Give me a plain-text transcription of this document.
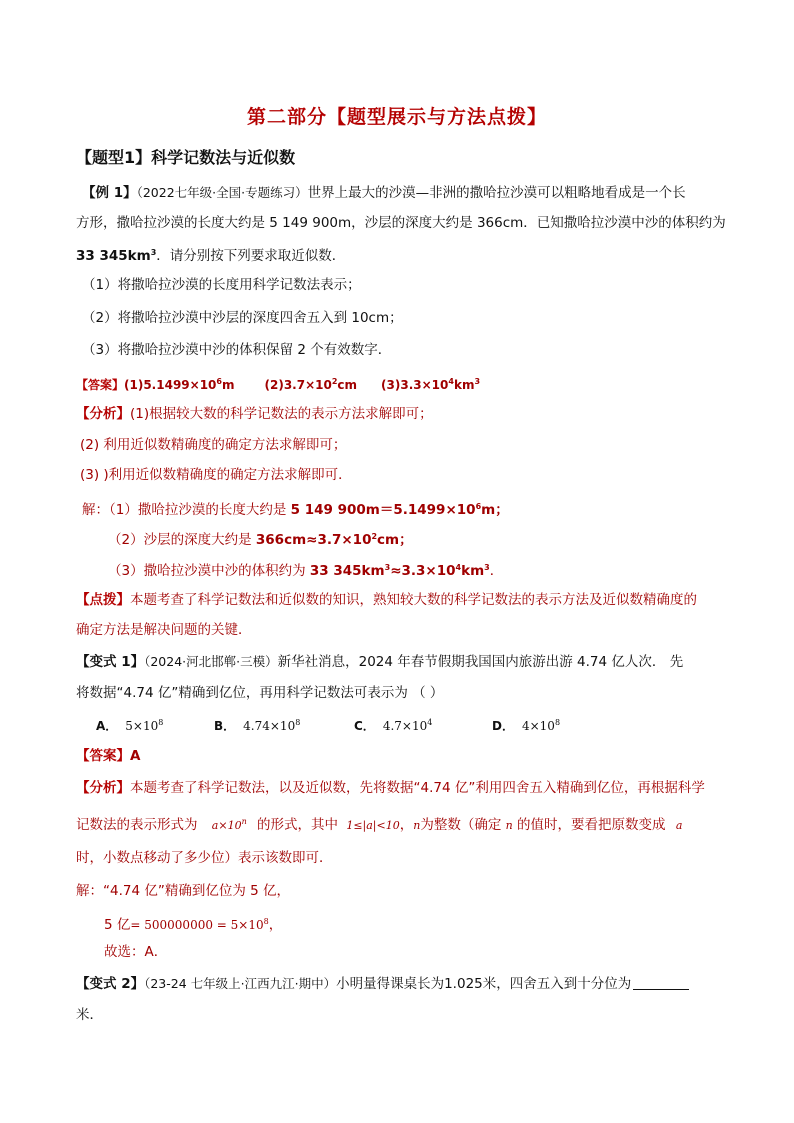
第二部分【题型展示与方法点拨】
【题型1】科学记数法与近似数
【例 1】（2022七年级·全国·专题练习）世界上最大的沙漠—非洲的撒哈拉沙漠可以粗略地看成是一个长
方形，撒哈拉沙漠的长度大约是 5 149 900m，沙层的深度大约是 366cm．已知撒哈拉沙漠中沙的体积约为
33 $345km^3$．请分别按下列要求取近似数．
（1）将撒哈拉沙漠的长度用科学记数法表示；
（2）将撒哈拉沙漠中沙层的深度四舍五入到 10cm；
（3）将撒哈拉沙漠中沙的体积保留 2 个有效数字．
【答案】$(1)5.1499\times 10^6m$	$(2)3.7\times 10^2cm$ $(3)3.3\times 10^4km^3$
【分析】(1)根据较大数的科学记数法的表示方法求解即可；
(2) 利用近似数精确度的确定方法求解即可；
(3) )利用近似数精确度的确定方法求解即可．
解：（1）撒哈拉沙漠的长度大约是 5 149 $900m=5.1499\times 10^6m$；
（2）沙层的深度大约是 $366cm\approx 3.7\times 10^2cm$；
（3）撒哈拉沙漠中沙的体积约为 33 $345km^3\approx 3.3\times 10^4km^3$．
【点拨】本题考查了科学记数法和近似数的知识，熟知较大数的科学记数法的表示方法及近似数精确度的
确定方法是解决问题的关键．
【变式 1】（2024·河北邯郸·三模）新华社消息，2024 年春节假期我国国内旅游出游 4.74 亿人次． 先
将数据“4.74 亿”精确到亿位，再用科学记数法可表示为 （ ）
A． $5\times 10^8$	B． $4.74\times 10^8$	C． $4.7\times 10^4$	D． $4\times 10^8$
【答案】A
【分析】本题考查了科学记数法，以及近似数，先将数据“4.74 亿”利用四舍五入精确到亿位，再根据科学
记数法的表示形式为 $a\times 10^n$ 的形式，其中 1≤|a|<10，n为整数（确定 n 的值时，要看把原数变成 a
时，小数点移动了多少位）表示该数即可．
解：“4.74 亿”精确到亿位为 5 亿，
5 亿= $500000000 = 5\times 10^8$，
故选：A．
【变式 2】（23-24 七年级上·江西九江·期中）小明量得课桌长为1.025米，四舍五入到十分位为
米．
